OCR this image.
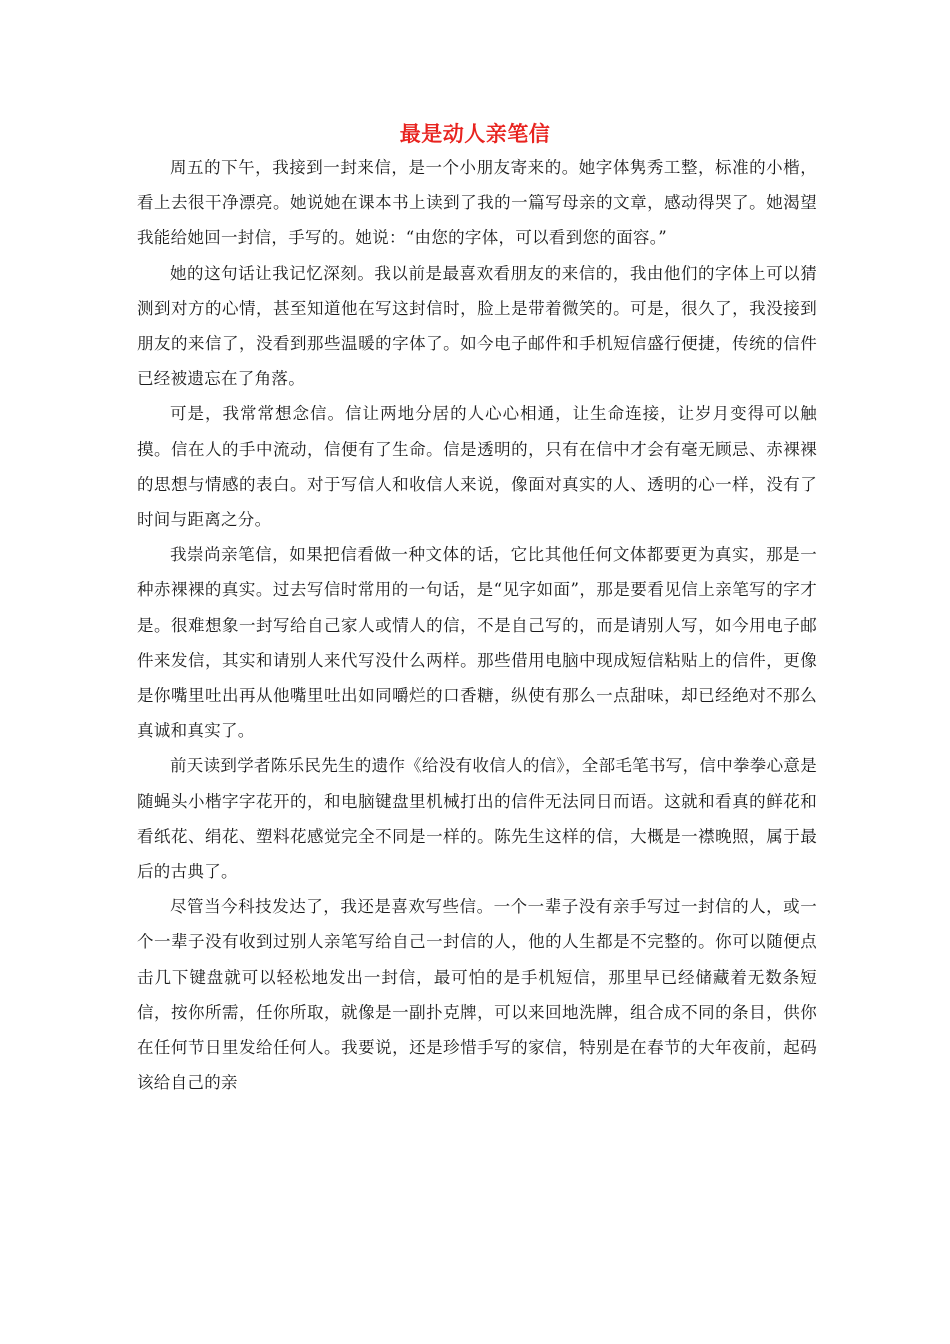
最是动人亲笔信

周五的下午，我接到一封来信，是一个小朋友寄来的。她字体隽秀工整，标准的小楷，看上去很干净漂亮。她说她在课本书上读到了我的一篇写母亲的文章，感动得哭了。她渴望我能给她回一封信，手写的。她说：“由您的字体，可以看到您的面容。”

她的这句话让我记忆深刻。我以前是最喜欢看朋友的来信的，我由他们的字体上可以猜测到对方的心情，甚至知道他在写这封信时，脸上是带着微笑的。可是，很久了，我没接到朋友的来信了，没看到那些温暖的字体了。如今电子邮件和手机短信盛行便捷，传统的信件已经被遗忘在了角落。

可是，我常常想念信。信让两地分居的人心心相通，让生命连接，让岁月变得可以触摸。信在人的手中流动，信便有了生命。信是透明的，只有在信中才会有毫无顾忌、赤裸裸的思想与情感的表白。对于写信人和收信人来说，像面对真实的人、透明的心一样，没有了时间与距离之分。

我崇尚亲笔信，如果把信看做一种文体的话，它比其他任何文体都要更为真实，那是一种赤裸裸的真实。过去写信时常用的一句话，是“见字如面”，那是要看见信上亲笔写的字才是。很难想象一封写给自己家人或情人的信，不是自己写的，而是请别人写，如今用电子邮件来发信，其实和请别人来代写没什么两样。那些借用电脑中现成短信粘贴上的信件，更像是你嘴里吐出再从他嘴里吐出如同嚼烂的口香糖，纵使有那么一点甜味，却已经绝对不那么真诚和真实了。

前天读到学者陈乐民先生的遗作《给没有收信人的信》，全部毛笔书写，信中拳拳心意是随蝇头小楷字字花开的，和电脑键盘里机械打出的信件无法同日而语。这就和看真的鲜花和看纸花、绢花、塑料花感觉完全不同是一样的。陈先生这样的信，大概是一襟晚照，属于最后的古典了。

尽管当今科技发达了，我还是喜欢写些信。一个一辈子没有亲手写过一封信的人，或一个一辈子没有收到过别人亲笔写给自己一封信的人，他的人生都是不完整的。你可以随便点击几下键盘就可以轻松地发出一封信，最可怕的是手机短信，那里早已经储藏着无数条短信，按你所需，任你所取，就像是一副扑克牌，可以来回地洗牌，组合成不同的条目，供你在任何节日里发给任何人。我要说，还是珍惜手写的家信，特别是在春节的大年夜前，起码该给自己的亲
